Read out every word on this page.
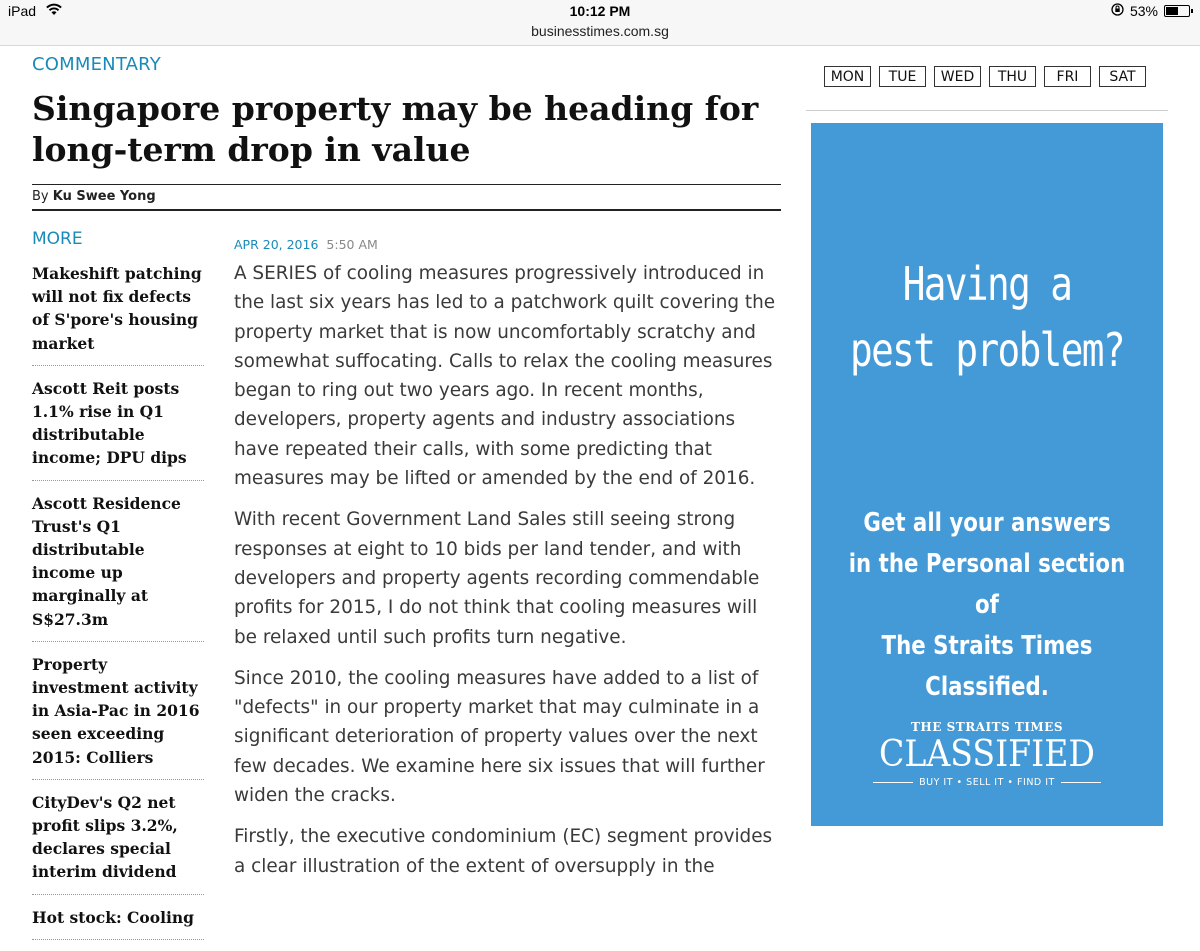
iPad	10:12 PM
businesstimes.com.sg
53%
COMMENTARY
Singapore property may be heading for long-term drop in value
By Ku Swee Yong
MORE
Makeshift patching will not fix defects of S'pore's housing market
Ascott Reit posts 1.1% rise in Q1 distributable income; DPU dips
Ascott Residence Trust's Q1 distributable income up marginally at S$27.3m
Property investment activity in Asia-Pac in 2016 seen exceeding 2015: Colliers
CityDev's Q2 net profit slips 3.2%, declares special interim dividend
Hot stock: Cooling
APR 20, 2016 5:50 AM

A SERIES of cooling measures progressively introduced in the last six years has led to a patchwork quilt covering the property market that is now uncomfortably scratchy and somewhat suffocating. Calls to relax the cooling measures began to ring out two years ago. In recent months, developers, property agents and industry associations have repeated their calls, with some predicting that measures may be lifted or amended by the end of 2016.

With recent Government Land Sales still seeing strong responses at eight to 10 bids per land tender, and with developers and property agents recording commendable profits for 2015, I do not think that cooling measures will be relaxed until such profits turn negative.

Since 2010, the cooling measures have added to a list of "defects" in our property market that may culminate in a significant deterioration of property values over the next few decades. We examine here six issues that will further widen the cracks.

Firstly, the executive condominium (EC) segment provides a clear illustration of the extent of oversupply in the

MON	TUE	WED	THU	FRI	SAT
Having a
pest problem?
Get all your answers
in the Personal section of
The Straits Times
Classified.
THE STRAITS TIMES
CLASSIFIED
BUY IT • SELL IT • FIND IT
